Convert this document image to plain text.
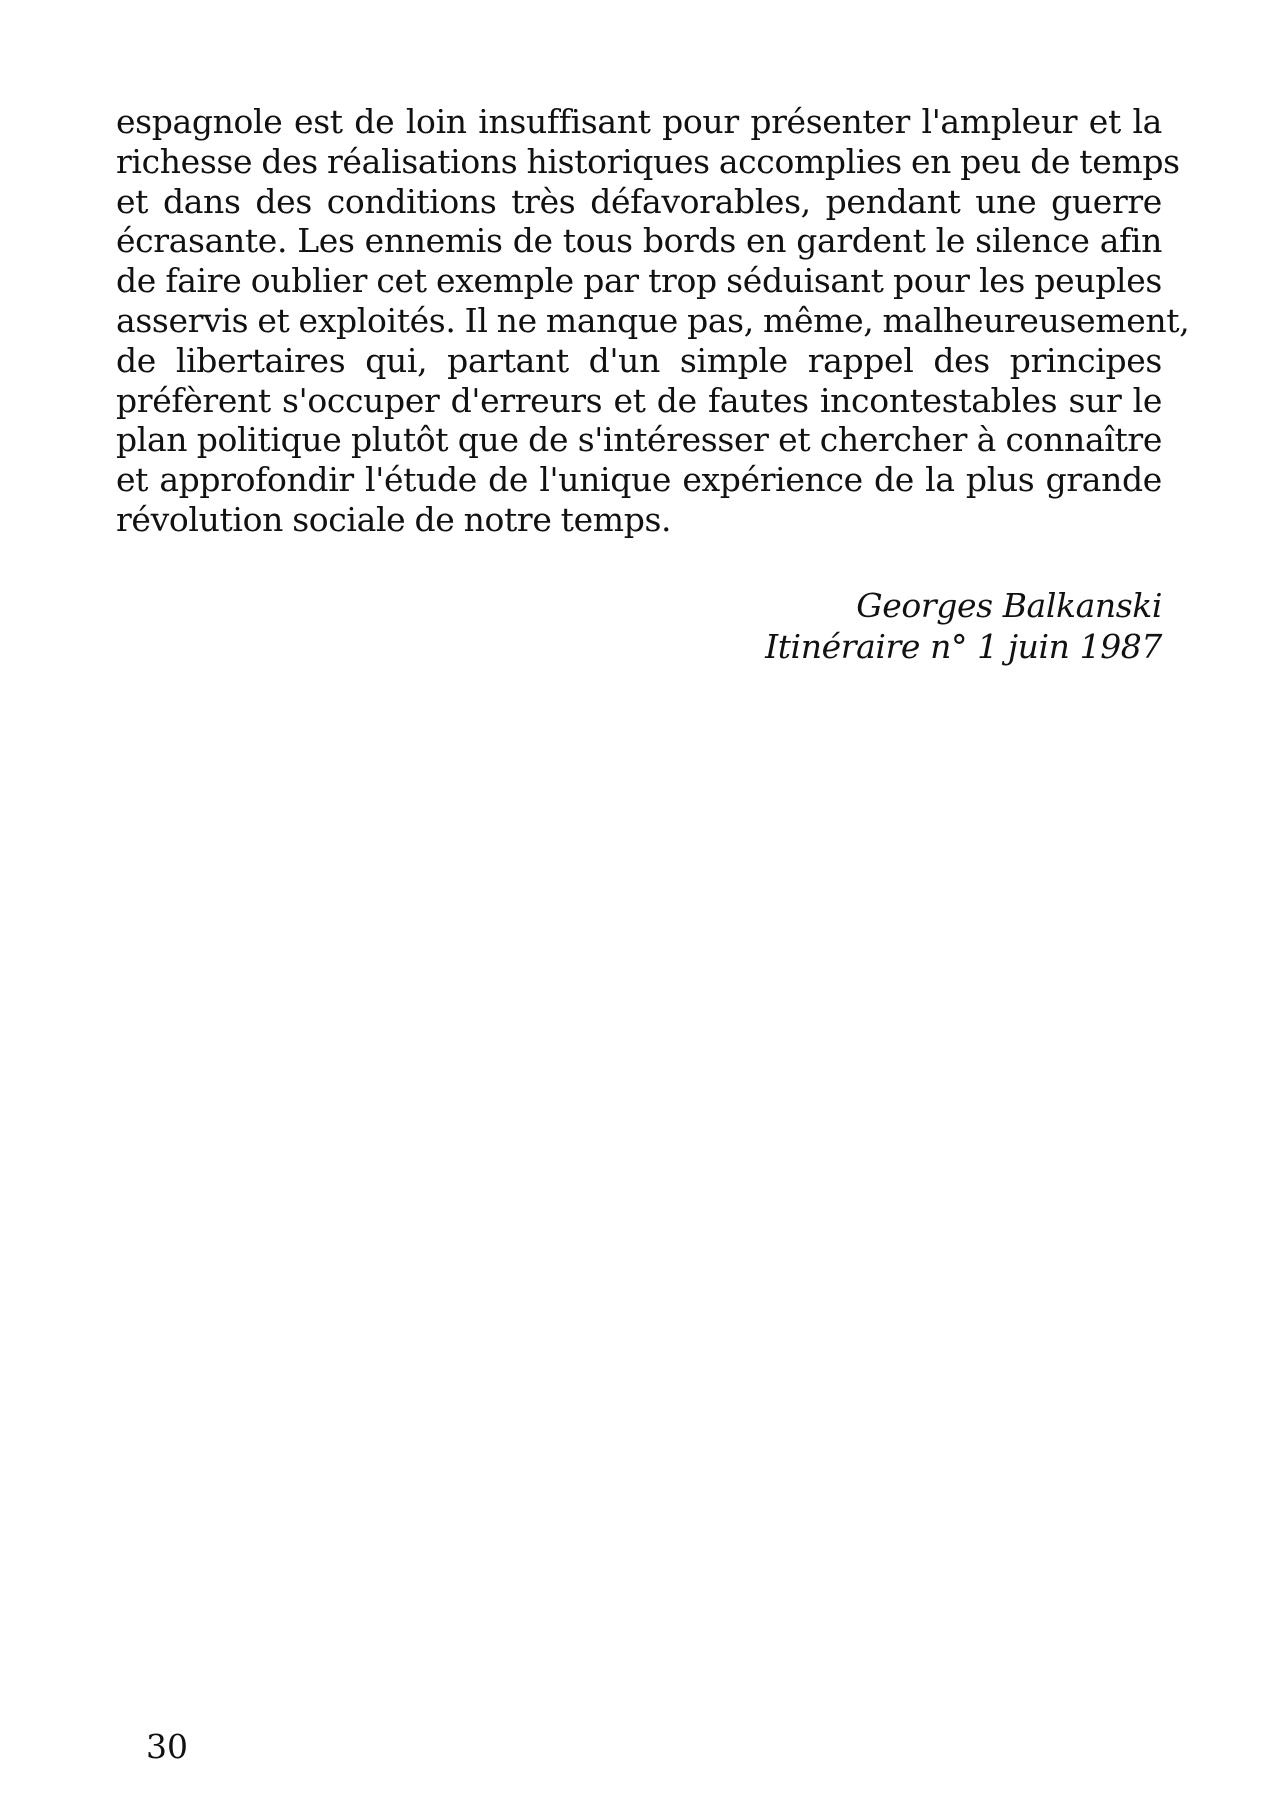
espagnole est de loin insuffisant pour présenter l'ampleur et la
richesse des réalisations historiques accomplies en peu de temps
et dans des conditions très défavorables, pendant une guerre
écrasante. Les ennemis de tous bords en gardent le silence afin
de faire oublier cet exemple par trop séduisant pour les peuples
asservis et exploités. Il ne manque pas, même, malheureusement,
de libertaires qui, partant d'un simple rappel des principes
préfèrent s'occuper d'erreurs et de fautes incontestables sur le
plan politique plutôt que de s'intéresser et chercher à connaître
et approfondir l'étude de l'unique expérience de la plus grande
révolution sociale de notre temps.
Georges Balkanski
Itinéraire n° 1 juin 1987
30
